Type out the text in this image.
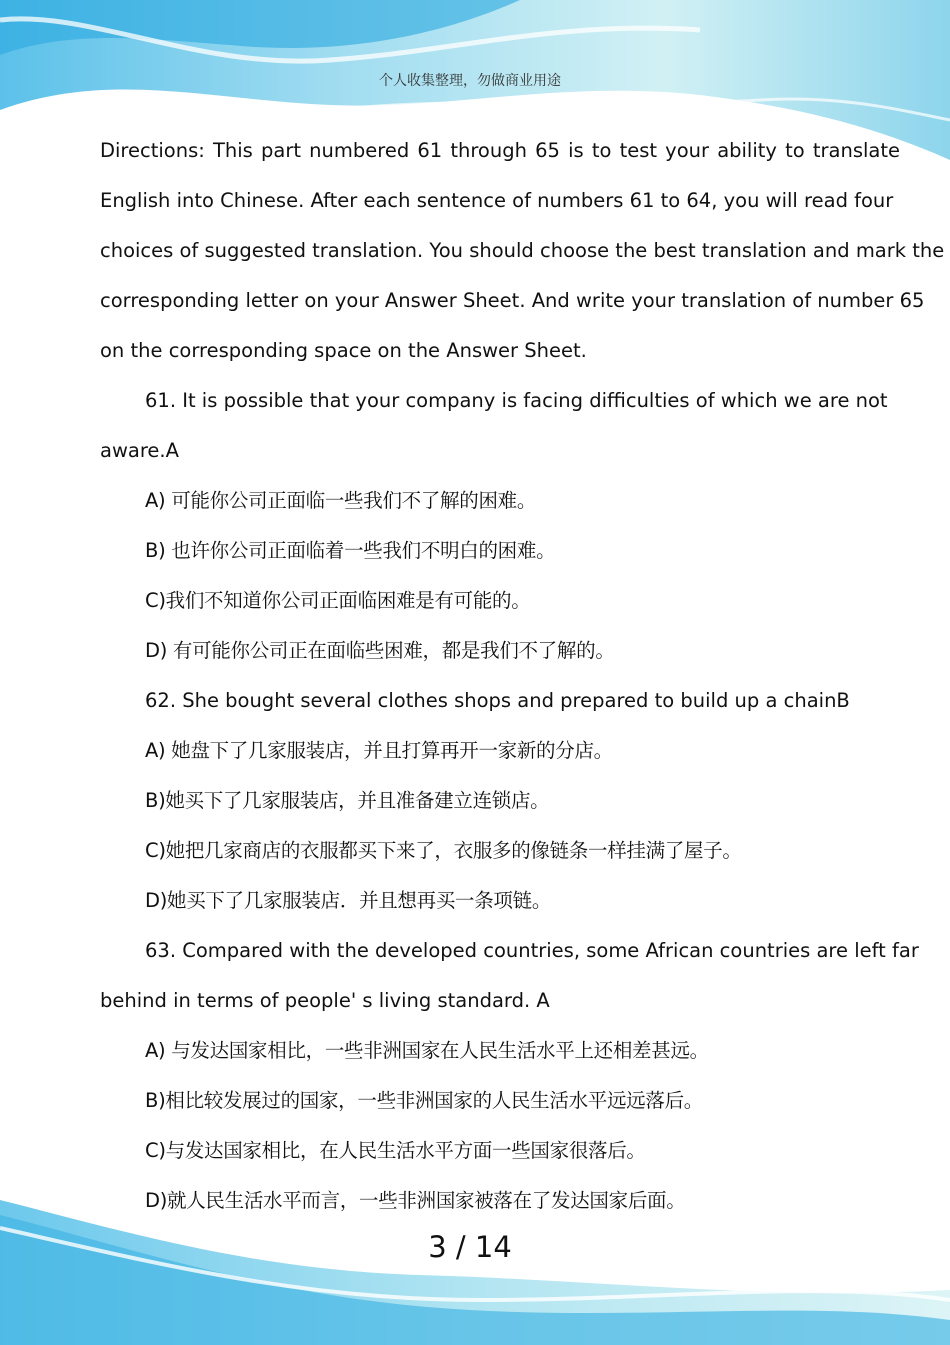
个人收集整理，勿做商业用途
Directions: This part numbered 61 through 65 is to test your ability to translate
English into Chinese. After each sentence of numbers 61 to 64, you will read four
choices of suggested translation. You should choose the best translation and mark the
corresponding letter on your Answer Sheet. And write your translation of number 65
on the corresponding space on the Answer Sheet.
61. It is possible that your company is facing difficulties of which we are not
aware.A
A) 可能你公司正面临一些我们不了解的困难。
B) 也许你公司正面临着一些我们不明白的困难。
C)我们不知道你公司正面临困难是有可能的。
D) 有可能你公司正在面临些困难，都是我们不了解的。
62. She bought several clothes shops and prepared to build up a chainB
A) 她盘下了几家服装店，并且打算再开一家新的分店。
B)她买下了几家服装店，并且准备建立连锁店。
C)她把几家商店的衣服都买下来了，衣服多的像链条一样挂满了屋子。
D)她买下了几家服装店．并且想再买一条项链。
63. Compared with the developed countries, some African countries are left far
behind in terms of people' s living standard. A
A) 与发达国家相比，一些非洲国家在人民生活水平上还相差甚远。
B)相比较发展过的国家，一些非洲国家的人民生活水平远远落后。
C)与发达国家相比，在人民生活水平方面一些国家很落后。
D)就人民生活水平而言，一些非洲国家被落在了发达国家后面。
3 / 14
